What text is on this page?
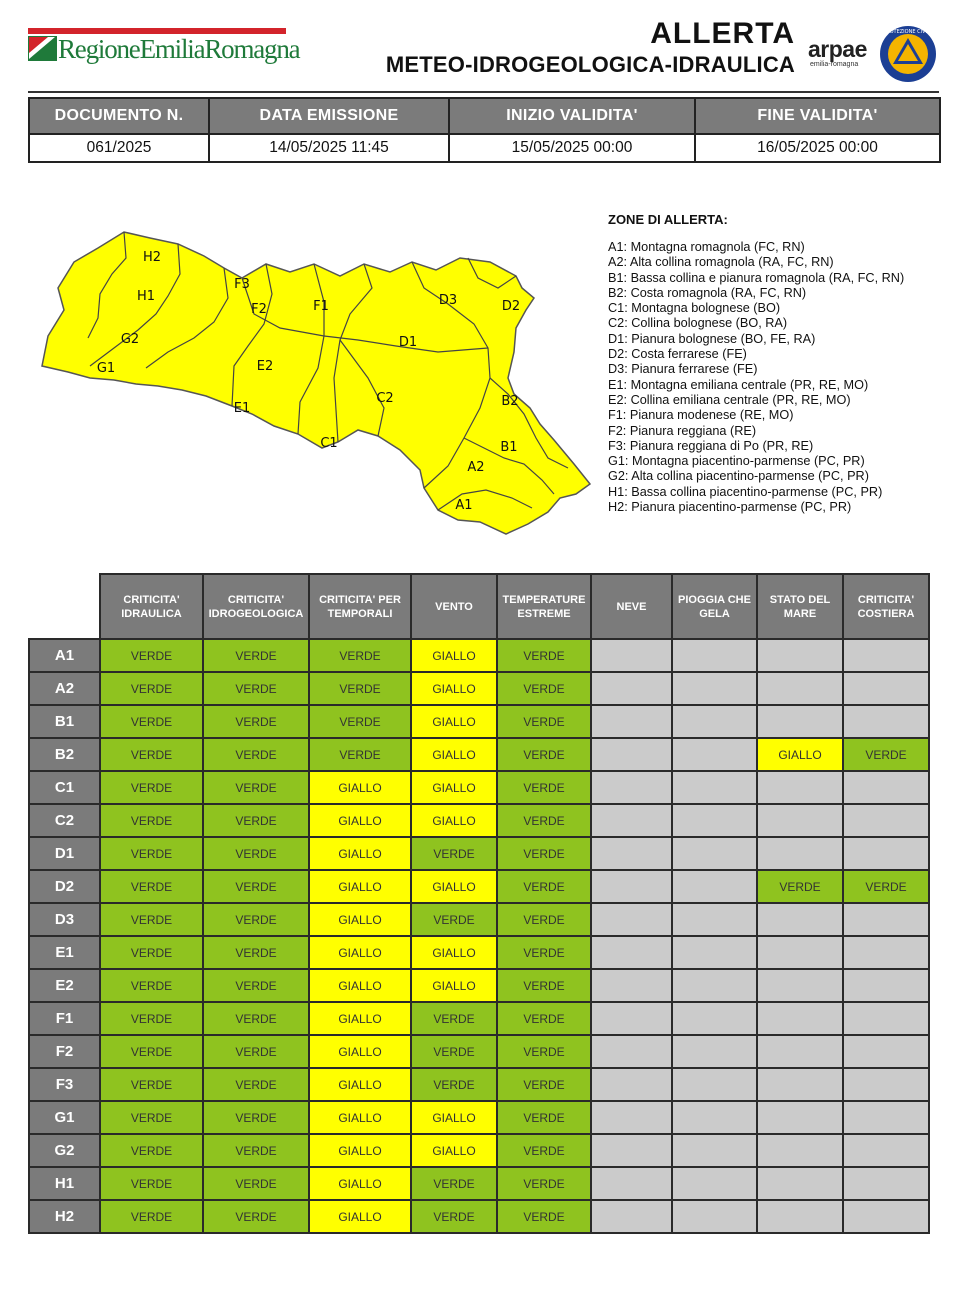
RegioneEmiliaRomagna	ALLERTA
METEO-IDROGEOLOGICA-IDRAULICA
arpae
emilia-romagna
PROTEZIONE CIVILE
DOCUMENTO N.	DATA EMISSIONE	INIZIO VALIDITA'	FINE VALIDITA'
061/2025	14/05/2025 11:45	15/05/2025 00:00	16/05/2025 00:00
H2
H1
G2
G1
F3
F2	F1
E2
E1
D3	D2
D1
C2
C1
B2
B1
A2
A1
ZONE DI ALLERTA:
A1: Montagna romagnola (FC, RN)
A2: Alta collina romagnola (RA, FC, RN)
B1: Bassa collina e pianura romagnola (RA, FC, RN)
B2: Costa romagnola (RA, FC, RN)
C1: Montagna bolognese (BO)
C2: Collina bolognese (BO, RA)
D1: Pianura bolognese (BO, FE, RA)
D2: Costa ferrarese (FE)
D3: Pianura ferrarese (FE)
E1: Montagna emiliana centrale (PR, RE, MO)
E2: Collina emiliana centrale (PR, RE, MO)
F1: Pianura modenese (RE, MO)
F2: Pianura reggiana (RE)
F3: Pianura reggiana di Po (PR, RE)
G1: Montagna piacentino-parmense (PC, PR)
G2: Alta collina piacentino-parmense (PC, PR)
H1: Bassa collina piacentino-parmense (PC, PR)
H2: Pianura piacentino-parmense (PC, PR)
	CRITICITA' IDRAULICA	CRITICITA' IDROGEOLOGICA	CRITICITA' PER TEMPORALI	VENTO	TEMPERATURE ESTREME	NEVE	PIOGGIA CHE GELA	STATO DEL MARE	CRITICITA' COSTIERA
A1	VERDE	VERDE	VERDE	GIALLO	VERDE				
A2	VERDE	VERDE	VERDE	GIALLO	VERDE				
B1	VERDE	VERDE	VERDE	GIALLO	VERDE				
B2	VERDE	VERDE	VERDE	GIALLO	VERDE			GIALLO	VERDE
C1	VERDE	VERDE	GIALLO	GIALLO	VERDE				
C2	VERDE	VERDE	GIALLO	GIALLO	VERDE				
D1	VERDE	VERDE	GIALLO	VERDE	VERDE				
D2	VERDE	VERDE	GIALLO	GIALLO	VERDE			VERDE	VERDE
D3	VERDE	VERDE	GIALLO	VERDE	VERDE				
E1	VERDE	VERDE	GIALLO	GIALLO	VERDE				
E2	VERDE	VERDE	GIALLO	GIALLO	VERDE				
F1	VERDE	VERDE	GIALLO	VERDE	VERDE				
F2	VERDE	VERDE	GIALLO	VERDE	VERDE				
F3	VERDE	VERDE	GIALLO	VERDE	VERDE				
G1	VERDE	VERDE	GIALLO	GIALLO	VERDE				
G2	VERDE	VERDE	GIALLO	GIALLO	VERDE				
H1	VERDE	VERDE	GIALLO	VERDE	VERDE				
H2	VERDE	VERDE	GIALLO	VERDE	VERDE				
